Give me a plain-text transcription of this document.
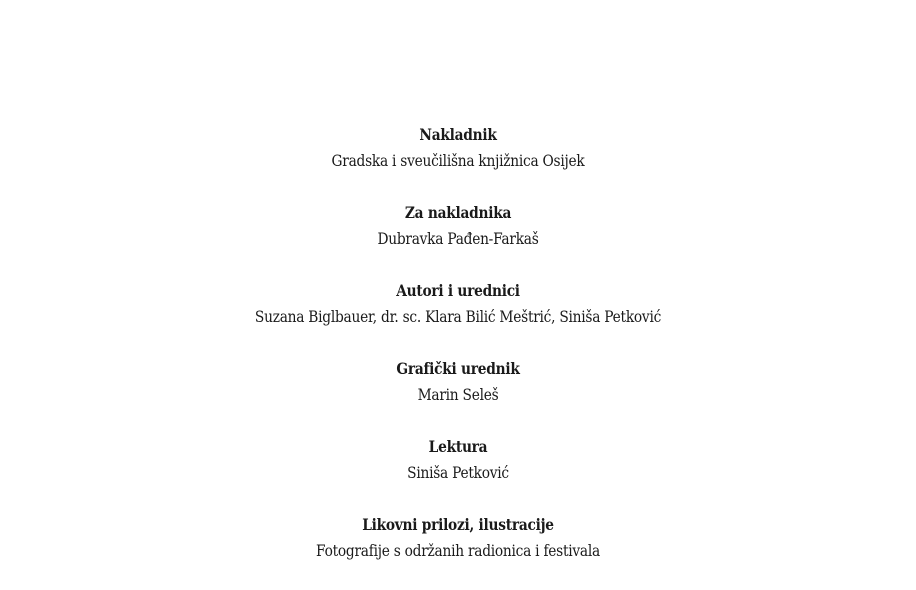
Nakladnik
Gradska i sveučilišna knjižnica Osijek
Za nakladnika
Dubravka Pađen-Farkaš
Autori i urednici
Suzana Biglbauer, dr. sc. Klara Bilić Meštrić, Siniša Petković
Grafički urednik
Marin Seleš
Lektura
Siniša Petković
Likovni prilozi, ilustracije
Fotografije s održanih radionica i festivala
